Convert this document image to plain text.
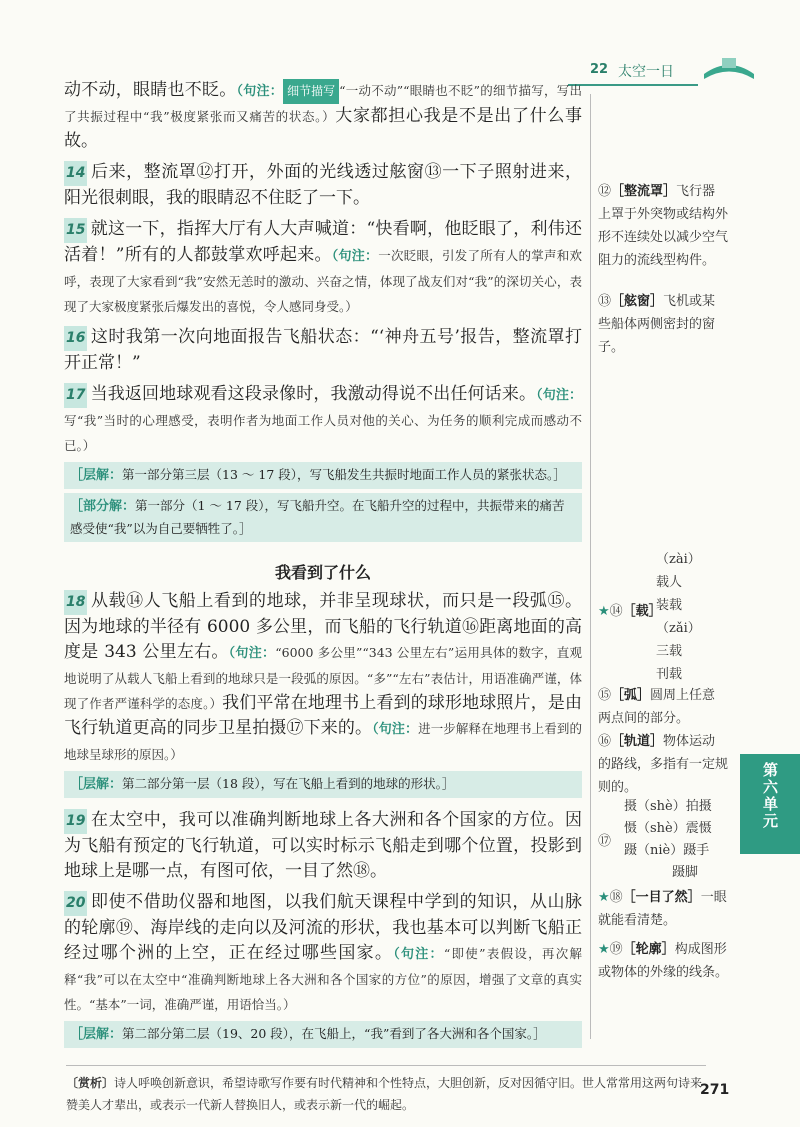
22 太空一日

动不动，眼睛也不眨。（句注： 细节描写 “一动不动”“眼睛也不眨”的细节描写，写出了共振过程中“我”极度紧张而又痛苦的状态。）大家都担心我是不是出了什么事故。

14 后来，整流罩⑫打开，外面的光线透过舷窗⑬一下子照射进来，阳光很刺眼，我的眼睛忍不住眨了一下。

15 就这一下，指挥大厅有人大声喊道：“快看啊，他眨眼了，利伟还活着！”所有的人都鼓掌欢呼起来。（句注：一次眨眼，引发了所有人的掌声和欢呼，表现了大家看到“我”安然无恙时的激动、兴奋之情，体现了战友们对“我”的深切关心，表现了大家极度紧张后爆发出的喜悦，令人感同身受。）

16 这时我第一次向地面报告飞船状态：“‘神舟五号’报告，整流罩打开正常！”

17 当我返回地球观看这段录像时，我激动得说不出任何话来。（句注：写“我”当时的心理感受，表明作者为地面工作人员对他的关心、为任务的顺利完成而感动不已。）

［层解：第一部分第三层（13 ～ 17 段），写飞船发生共振时地面工作人员的紧张状态。］
［部分解：第一部分（1 ～ 17 段），写飞船升空。在飞船升空的过程中，共振带来的痛苦感受使“我”以为自己要牺牲了。］
我看到了什么

18 从载⑭人飞船上看到的地球，并非呈现球状，而只是一段弧⑮。因为地球的半径有 6000 多公里，而飞船的飞行轨道⑯距离地面的高度是 343 公里左右。（句注：“6000 多公里”“343 公里左右”运用具体的数字，直观地说明了从载人飞船上看到的地球只是一段弧的原因。“多”“左右”表估计，用语准确严谨，体现了作者严谨科学的态度。）我们平常在地理书上看到的球形地球照片，是由飞行轨道更高的同步卫星拍摄⑰下来的。（句注：进一步解释在地理书上看到的地球呈球形的原因。）

［层解：第二部分第一层（18 段），写在飞船上看到的地球的形状。］

19 在太空中，我可以准确判断地球上各大洲和各个国家的方位。因为飞船有预定的飞行轨道，可以实时标示飞船走到哪个位置，投影到地球上是哪一点，有图可依，一目了然⑱。

20 即使不借助仪器和地图，以我们航天课程中学到的知识，从山脉的轮廓⑲、海岸线的走向以及河流的形状，我也基本可以判断飞船正经过哪个洲的上空，正在经过哪些国家。（句注：“即使”表假设，再次解释“我”可以在太空中“准确判断地球上各大洲和各个国家的方位”的原因，增强了文章的真实性。“基本”一词，准确严谨，用语恰当。）

［层解：第二部分第二层（19、20 段），在飞船上，“我”看到了各大洲和各个国家。］
⑫［整流罩］飞行器上罩于外突物或结构外形不连续处以减少空气阻力的流线型构件。
⑬［舷窗］飞机或某些船体两侧密封的窗子。
★⑭［载］
（zài）
载人
装载
（zǎi）
三载
刊载
⑮［弧］圆周上任意两点间的部分。
⑯［轨道］物体运动的路线，多指有一定规则的。
⑰
摄（shè）拍摄
慑（shè）震慑
蹑（niè）蹑手
蹑脚
★⑱［一目了然］一眼就能看清楚。
★⑲［轮廓］构成图形或物体的外缘的线条。
第六单元
〔赏析〕诗人呼唤创新意识，希望诗歌写作要有时代精神和个性特点，大胆创新，反对因循守旧。世人常常用这两句诗来赞美人才辈出，或表示一代新人替换旧人，或表示新一代的崛起。
271
